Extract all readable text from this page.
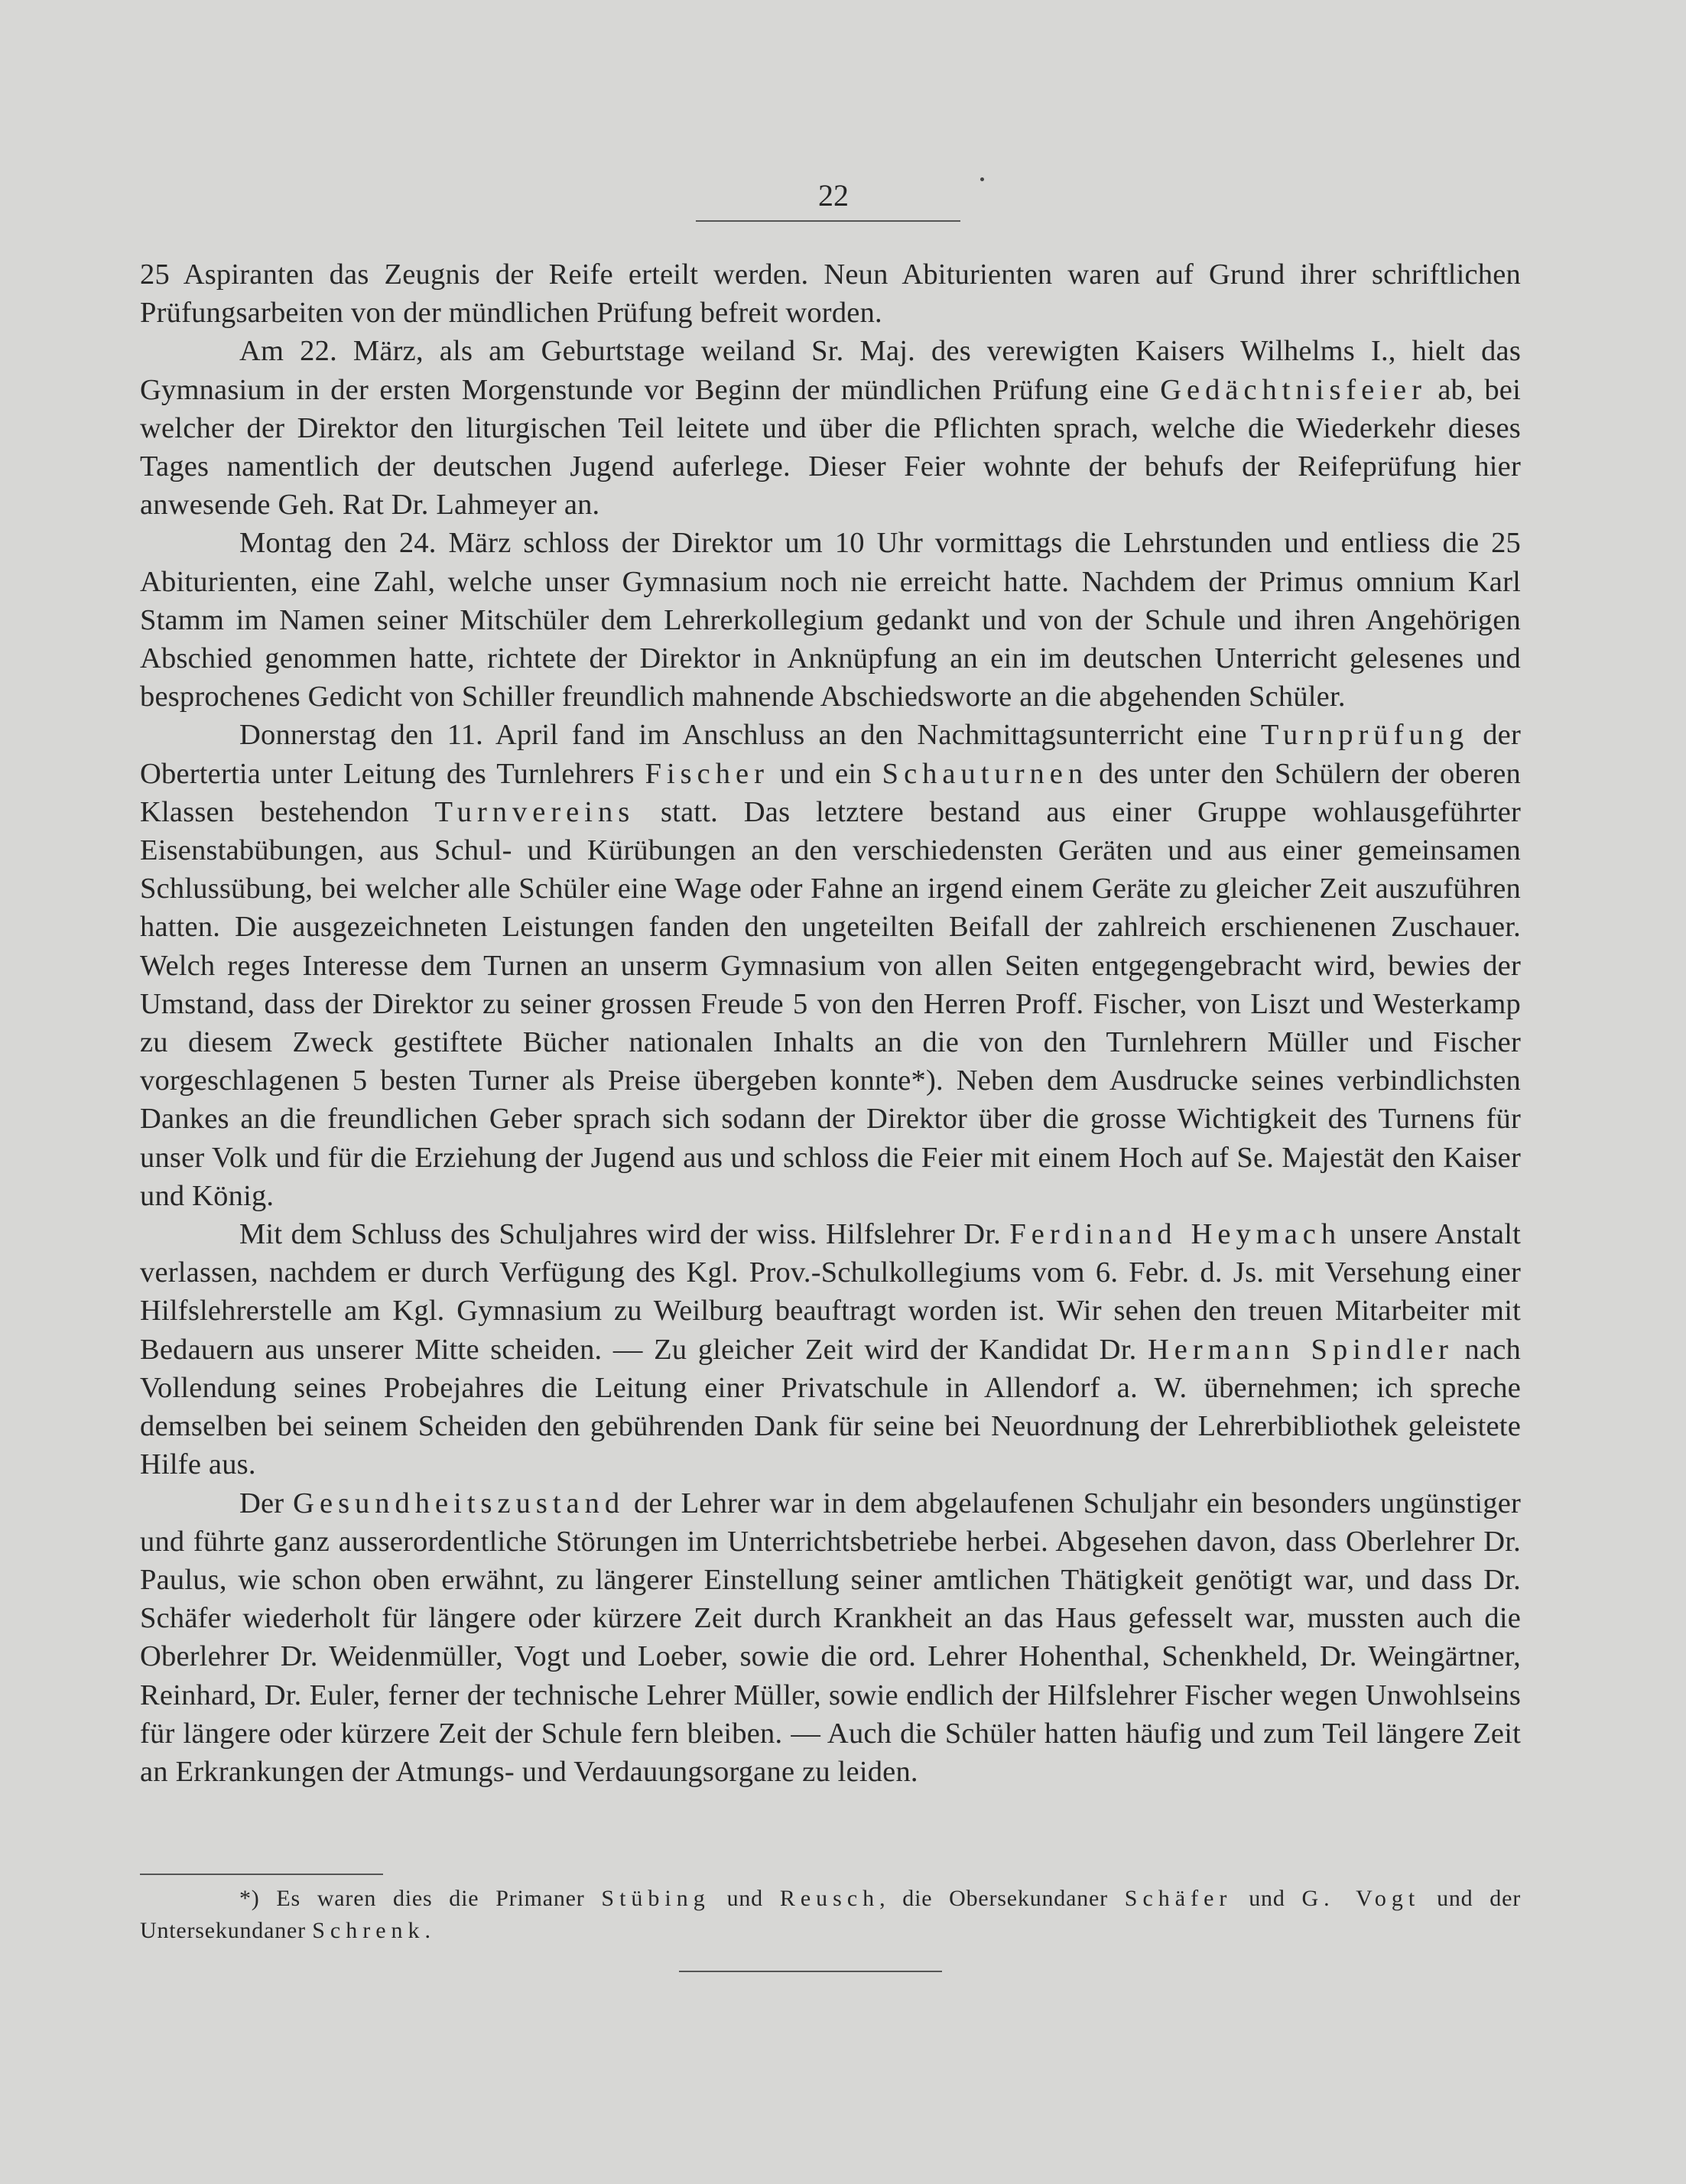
22

25 Aspiranten das Zeugnis der Reife erteilt werden. Neun Abiturienten waren auf Grund ihrer schriftlichen Prüfungsarbeiten von der mündlichen Prüfung befreit worden.

Am 22. März, als am Geburtstage weiland Sr. Maj. des verewigten Kaisers Wilhelms I., hielt das Gymnasium in der ersten Morgenstunde vor Beginn der mündlichen Prüfung eine Gedächtnisfeier ab, bei welcher der Direktor den liturgischen Teil leitete und über die Pflichten sprach, welche die Wiederkehr dieses Tages namentlich der deutschen Jugend auferlege. Dieser Feier wohnte der behufs der Reifeprüfung hier anwesende Geh. Rat Dr. Lahmeyer an.

Montag den 24. März schloss der Direktor um 10 Uhr vormittags die Lehrstunden und entliess die 25 Abiturienten, eine Zahl, welche unser Gymnasium noch nie erreicht hatte. Nachdem der Primus omnium Karl Stamm im Namen seiner Mitschüler dem Lehrerkollegium gedankt und von der Schule und ihren Angehörigen Abschied genommen hatte, richtete der Direktor in Anknüpfung an ein im deutschen Unterricht gelesenes und besprochenes Gedicht von Schiller freundlich mahnende Abschiedsworte an die abgehenden Schüler.

Donnerstag den 11. April fand im Anschluss an den Nachmittagsunterricht eine Turnprüfung der Obertertia unter Leitung des Turnlehrers Fischer und ein Schauturnen des unter den Schülern der oberen Klassen bestehendon Turnvereins statt. Das letztere bestand aus einer Gruppe wohlausgeführter Eisenstabübungen, aus Schul- und Kürübungen an den verschiedensten Geräten und aus einer gemeinsamen Schlussübung, bei welcher alle Schüler eine Wage oder Fahne an irgend einem Geräte zu gleicher Zeit auszuführen hatten. Die ausgezeichneten Leistungen fanden den ungeteilten Beifall der zahlreich erschienenen Zuschauer. Welch reges Interesse dem Turnen an unserm Gymnasium von allen Seiten entgegengebracht wird, bewies der Umstand, dass der Direktor zu seiner grossen Freude 5 von den Herren Proff. Fischer, von Liszt und Westerkamp zu diesem Zweck gestiftete Bücher nationalen Inhalts an die von den Turnlehrern Müller und Fischer vorgeschlagenen 5 besten Turner als Preise übergeben konnte*). Neben dem Ausdrucke seines verbindlichsten Dankes an die freundlichen Geber sprach sich sodann der Direktor über die grosse Wichtigkeit des Turnens für unser Volk und für die Erziehung der Jugend aus und schloss die Feier mit einem Hoch auf Se. Majestät den Kaiser und König.

Mit dem Schluss des Schuljahres wird der wiss. Hilfslehrer Dr. Ferdinand Heymach unsere Anstalt verlassen, nachdem er durch Verfügung des Kgl. Prov.-Schulkollegiums vom 6. Febr. d. Js. mit Versehung einer Hilfslehrerstelle am Kgl. Gymnasium zu Weilburg beauftragt worden ist. Wir sehen den treuen Mitarbeiter mit Bedauern aus unserer Mitte scheiden. — Zu gleicher Zeit wird der Kandidat Dr. Hermann Spindler nach Vollendung seines Probejahres die Leitung einer Privatschule in Allendorf a. W. übernehmen; ich spreche demselben bei seinem Scheiden den gebührenden Dank für seine bei Neuordnung der Lehrerbibliothek geleistete Hilfe aus.

Der Gesundheitszustand der Lehrer war in dem abgelaufenen Schuljahr ein besonders ungünstiger und führte ganz ausserordentliche Störungen im Unterrichtsbetriebe herbei. Abgesehen davon, dass Oberlehrer Dr. Paulus, wie schon oben erwähnt, zu längerer Einstellung seiner amtlichen Thätigkeit genötigt war, und dass Dr. Schäfer wiederholt für längere oder kürzere Zeit durch Krankheit an das Haus gefesselt war, mussten auch die Oberlehrer Dr. Weidenmüller, Vogt und Loeber, sowie die ord. Lehrer Hohenthal, Schenkheld, Dr. Weingärtner, Reinhard, Dr. Euler, ferner der technische Lehrer Müller, sowie endlich der Hilfslehrer Fischer wegen Unwohlseins für längere oder kürzere Zeit der Schule fern bleiben. — Auch die Schüler hatten häufig und zum Teil längere Zeit an Erkrankungen der Atmungs- und Verdauungsorgane zu leiden.

*) Es waren dies die Primaner Stübing und Reusch, die Obersekundaner Schäfer und G. Vogt und der Untersekundaner Schrenk.
